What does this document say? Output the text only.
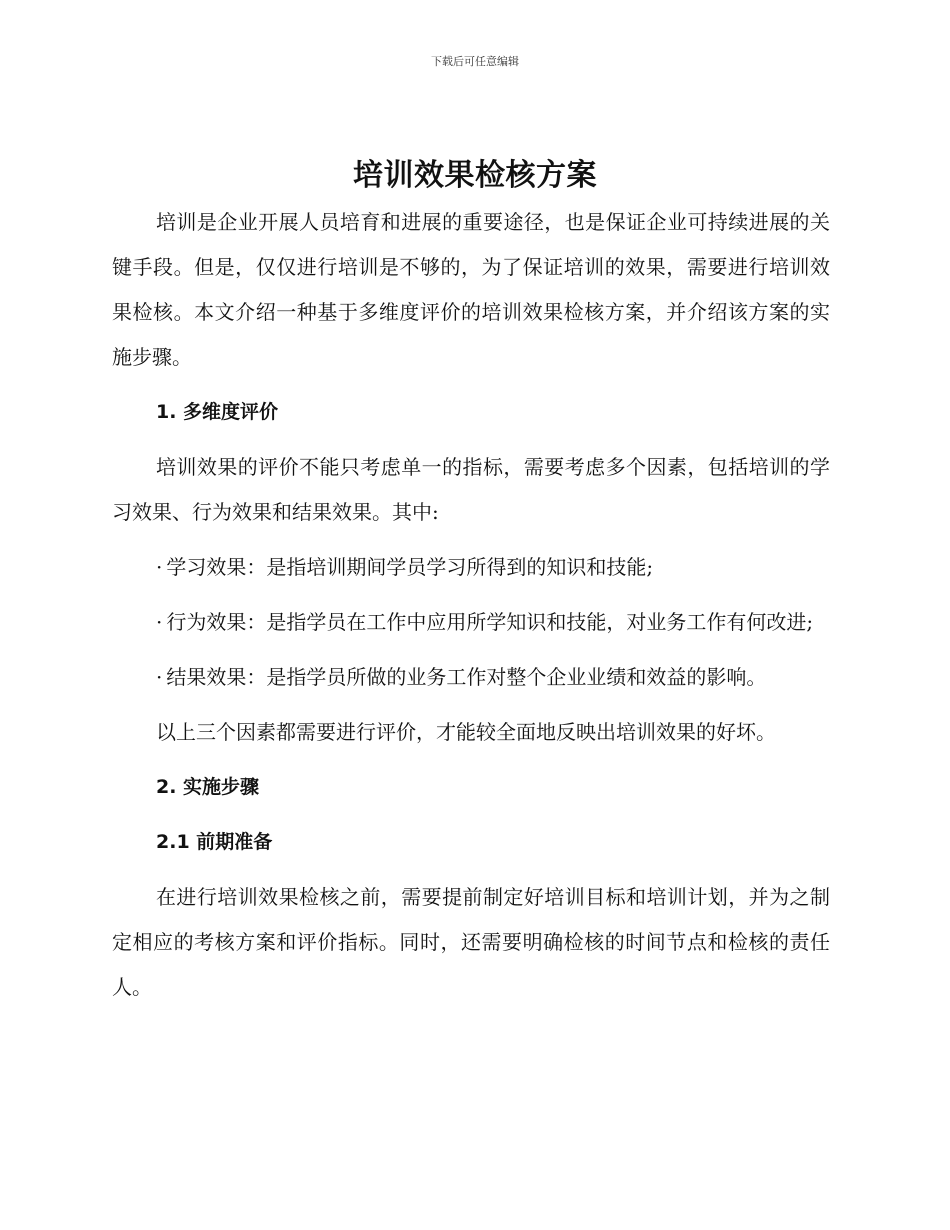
下载后可任意编辑
培训效果检核方案

培训是企业开展人员培育和进展的重要途径，也是保证企业可持续进展的关键手段。但是，仅仅进行培训是不够的，为了保证培训的效果，需要进行培训效果检核。本文介绍一种基于多维度评价的培训效果检核方案，并介绍该方案的实施步骤。

1. 多维度评价

培训效果的评价不能只考虑单一的指标，需要考虑多个因素，包括培训的学习效果、行为效果和结果效果。其中:

· 学习效果：是指培训期间学员学习所得到的知识和技能;

· 行为效果：是指学员在工作中应用所学知识和技能，对业务工作有何改进;

· 结果效果：是指学员所做的业务工作对整个企业业绩和效益的影响。

以上三个因素都需要进行评价，才能较全面地反映出培训效果的好坏。

2. 实施步骤
2.1 前期准备

在进行培训效果检核之前，需要提前制定好培训目标和培训计划，并为之制定相应的考核方案和评价指标。同时，还需要明确检核的时间节点和检核的责任人。
